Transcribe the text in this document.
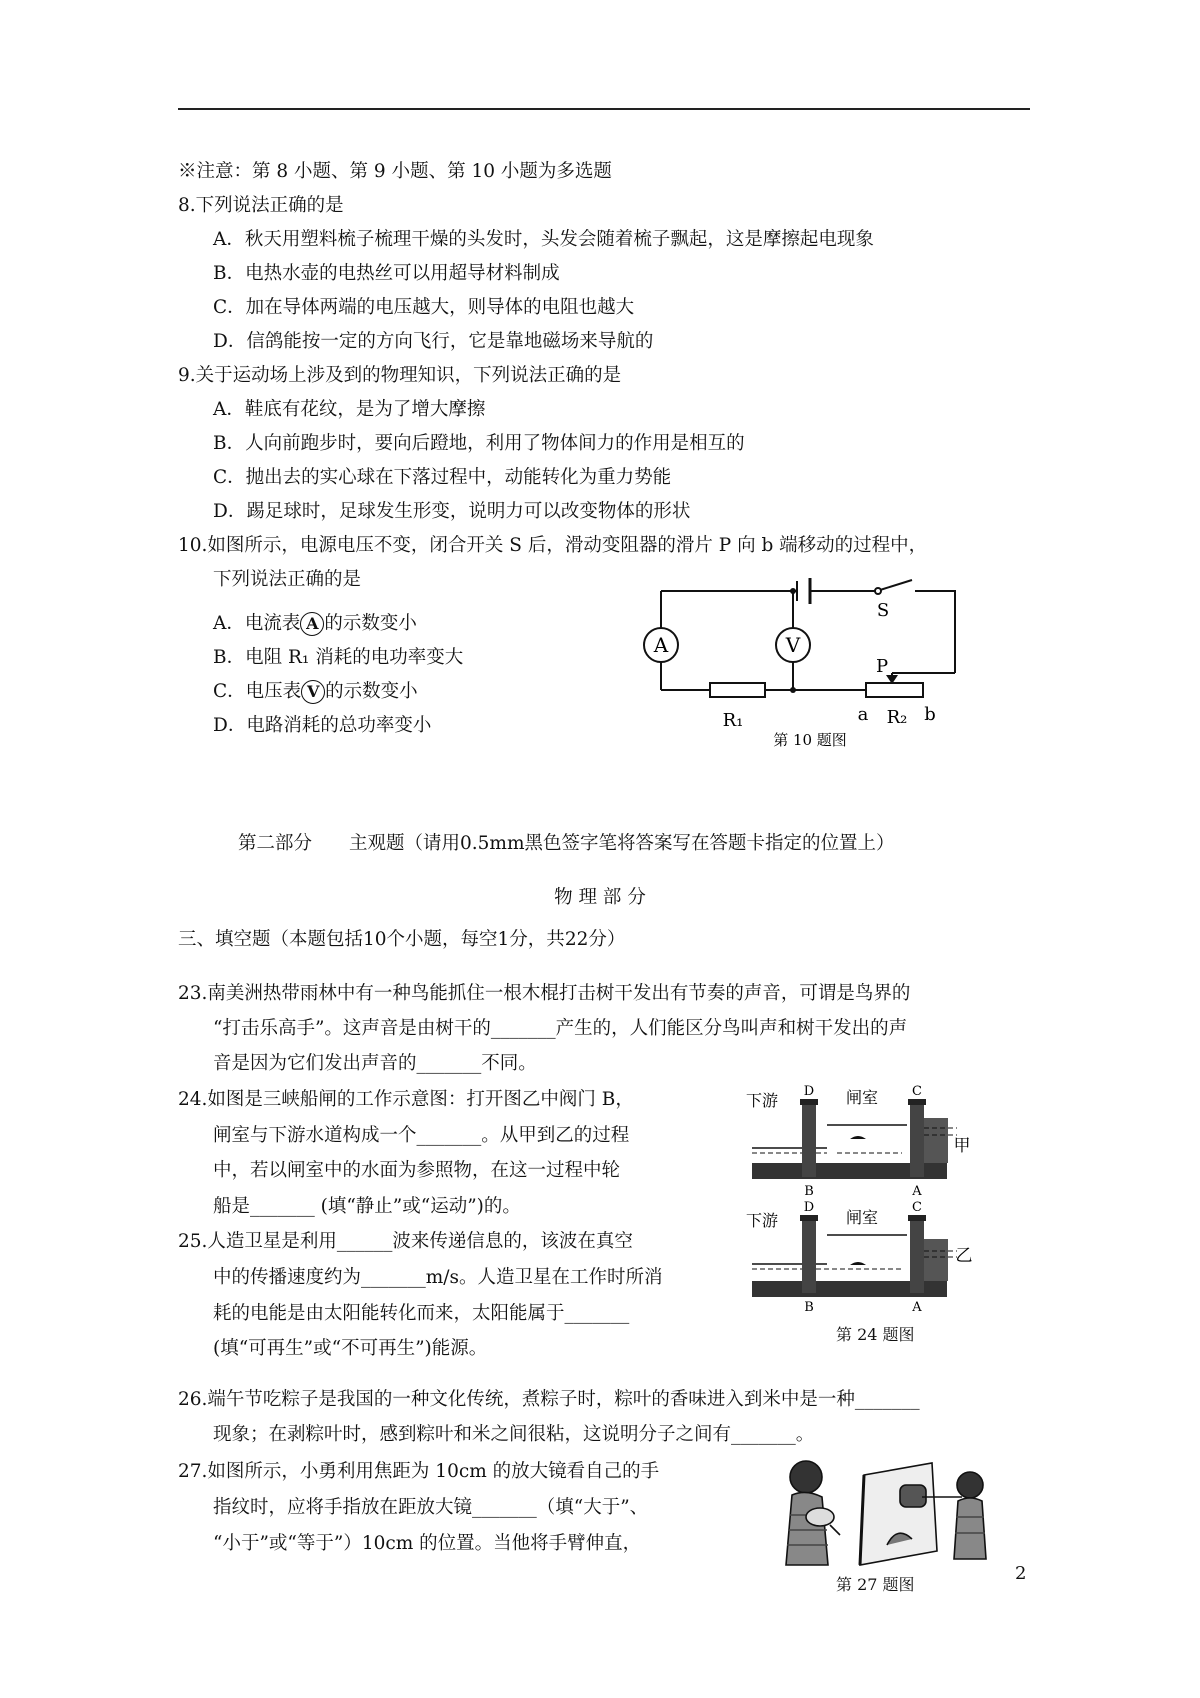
※注意：第 8 小题、第 9 小题、第 10 小题为多选题
8.下列说法正确的是
A．秋天用塑料梳子梳理干燥的头发时，头发会随着梳子飘起，这是摩擦起电现象
B．电热水壶的电热丝可以用超导材料制成
C．加在导体两端的电压越大，则导体的电阻也越大
D．信鸽能按一定的方向飞行，它是靠地磁场来导航的
9.关于运动场上涉及到的物理知识，下列说法正确的是
A．鞋底有花纹，是为了增大摩擦
B．人向前跑步时，要向后蹬地，利用了物体间力的作用是相互的
C．抛出去的实心球在下落过程中，动能转化为重力势能
D．踢足球时，足球发生形变，说明力可以改变物体的形状
10.如图所示，电源电压不变，闭合开关 S 后，滑动变阻器的滑片 P 向 b 端移动的过程中，
下列说法正确的是
A．电流表 A 的示数变小
B．电阻 R₁ 消耗的电功率变大
C．电压表 V 的示数变小
D．电路消耗的总功率变小
A	V
S
P
R₁	a R₂ b
第 10 题图
第二部分　　主观题（请用0.5mm黑色签字笔将答案写在答题卡指定的位置上）
物 理 部 分
三、填空题（本题包括10个小题，每空1分，共22分）
23.南美洲热带雨林中有一种鸟能抓住一根木棍打击树干发出有节奏的声音，可谓是鸟界的
“打击乐高手”。这声音是由树干的_______产生的，人们能区分鸟叫声和树干发出的声
音是因为它们发出声音的_______不同。
24.如图是三峡船闸的工作示意图：打开图乙中阀门 B，
闸室与下游水道构成一个_______。从甲到乙的过程
中，若以闸室中的水面为参照物，在这一过程中轮
船是_______ (填“静止”或“运动”)的。
25.人造卫星是利用______波来传递信息的，该波在真空
中的传播速度约为_______m/s。人造卫星在工作时所消
耗的电能是由太阳能转化而来，太阳能属于_______
(填“可再生”或“不可再生”)能源。
下游	闸室
D	C
B	A
甲
下游	闸室
D	C
B	A
乙
第 24 题图
26.端午节吃粽子是我国的一种文化传统，煮粽子时，粽叶的香味进入到米中是一种_______
现象；在剥粽叶时，感到粽叶和米之间很粘，这说明分子之间有_______。
27.如图所示，小勇利用焦距为 10cm 的放大镜看自己的手
指纹时，应将手指放在距放大镜_______（填“大于”、
“小于”或“等于”）10cm 的位置。当他将手臂伸直，
第 27 题图
2
